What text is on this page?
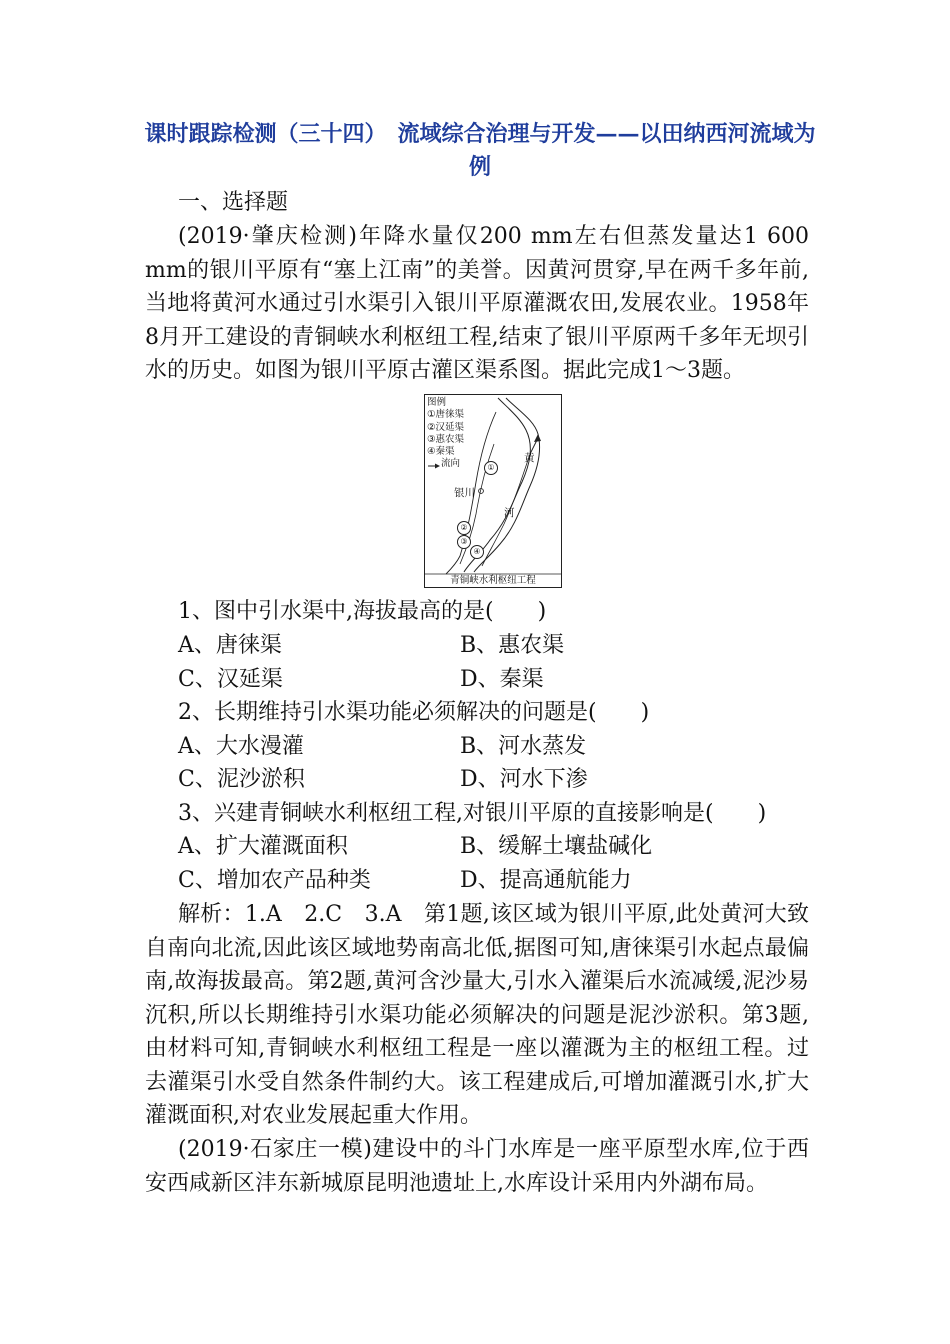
课时跟踪检测（三十四）　流域综合治理与开发——以田纳西河流域为例
一、选择题
(2019·肇庆检测)年降水量仅200 mm左右但蒸发量达1 600 mm的银川平原有“塞上江南”的美誉。因黄河贯穿,早在两千多年前,当地将黄河水通过引水渠引入银川平原灌溉农田,发展农业。1958年8月开工建设的青铜峡水利枢纽工程,结束了银川平原两千多年无坝引水的历史。如图为银川平原古灌区渠系图。据此完成1～3题。
图例
①唐徕渠
②汉延渠
③惠农渠
④秦渠
流向	①
②
③
④
银川
黄
河
青铜峡水利枢纽工程
1、图中引水渠中,海拔最高的是(　　)
A、唐徕渠	B、惠农渠
C、汉延渠	D、秦渠
2、长期维持引水渠功能必须解决的问题是(　　)
A、大水漫灌	B、河水蒸发
C、泥沙淤积	D、河水下渗
3、兴建青铜峡水利枢纽工程,对银川平原的直接影响是(　　)
A、扩大灌溉面积	B、缓解土壤盐碱化
C、增加农产品种类	D、提高通航能力
解析：1.A　2.C　3.A　第1题,该区域为银川平原,此处黄河大致自南向北流,因此该区域地势南高北低,据图可知,唐徕渠引水起点最偏南,故海拔最高。第2题,黄河含沙量大,引水入灌渠后水流减缓,泥沙易沉积,所以长期维持引水渠功能必须解决的问题是泥沙淤积。第3题,由材料可知,青铜峡水利枢纽工程是一座以灌溉为主的枢纽工程。过去灌渠引水受自然条件制约大。该工程建成后,可增加灌溉引水,扩大灌溉面积,对农业发展起重大作用。
(2019·石家庄一模)建设中的斗门水库是一座平原型水库,位于西安西咸新区沣东新城原昆明池遗址上,水库设计采用内外湖布局。
